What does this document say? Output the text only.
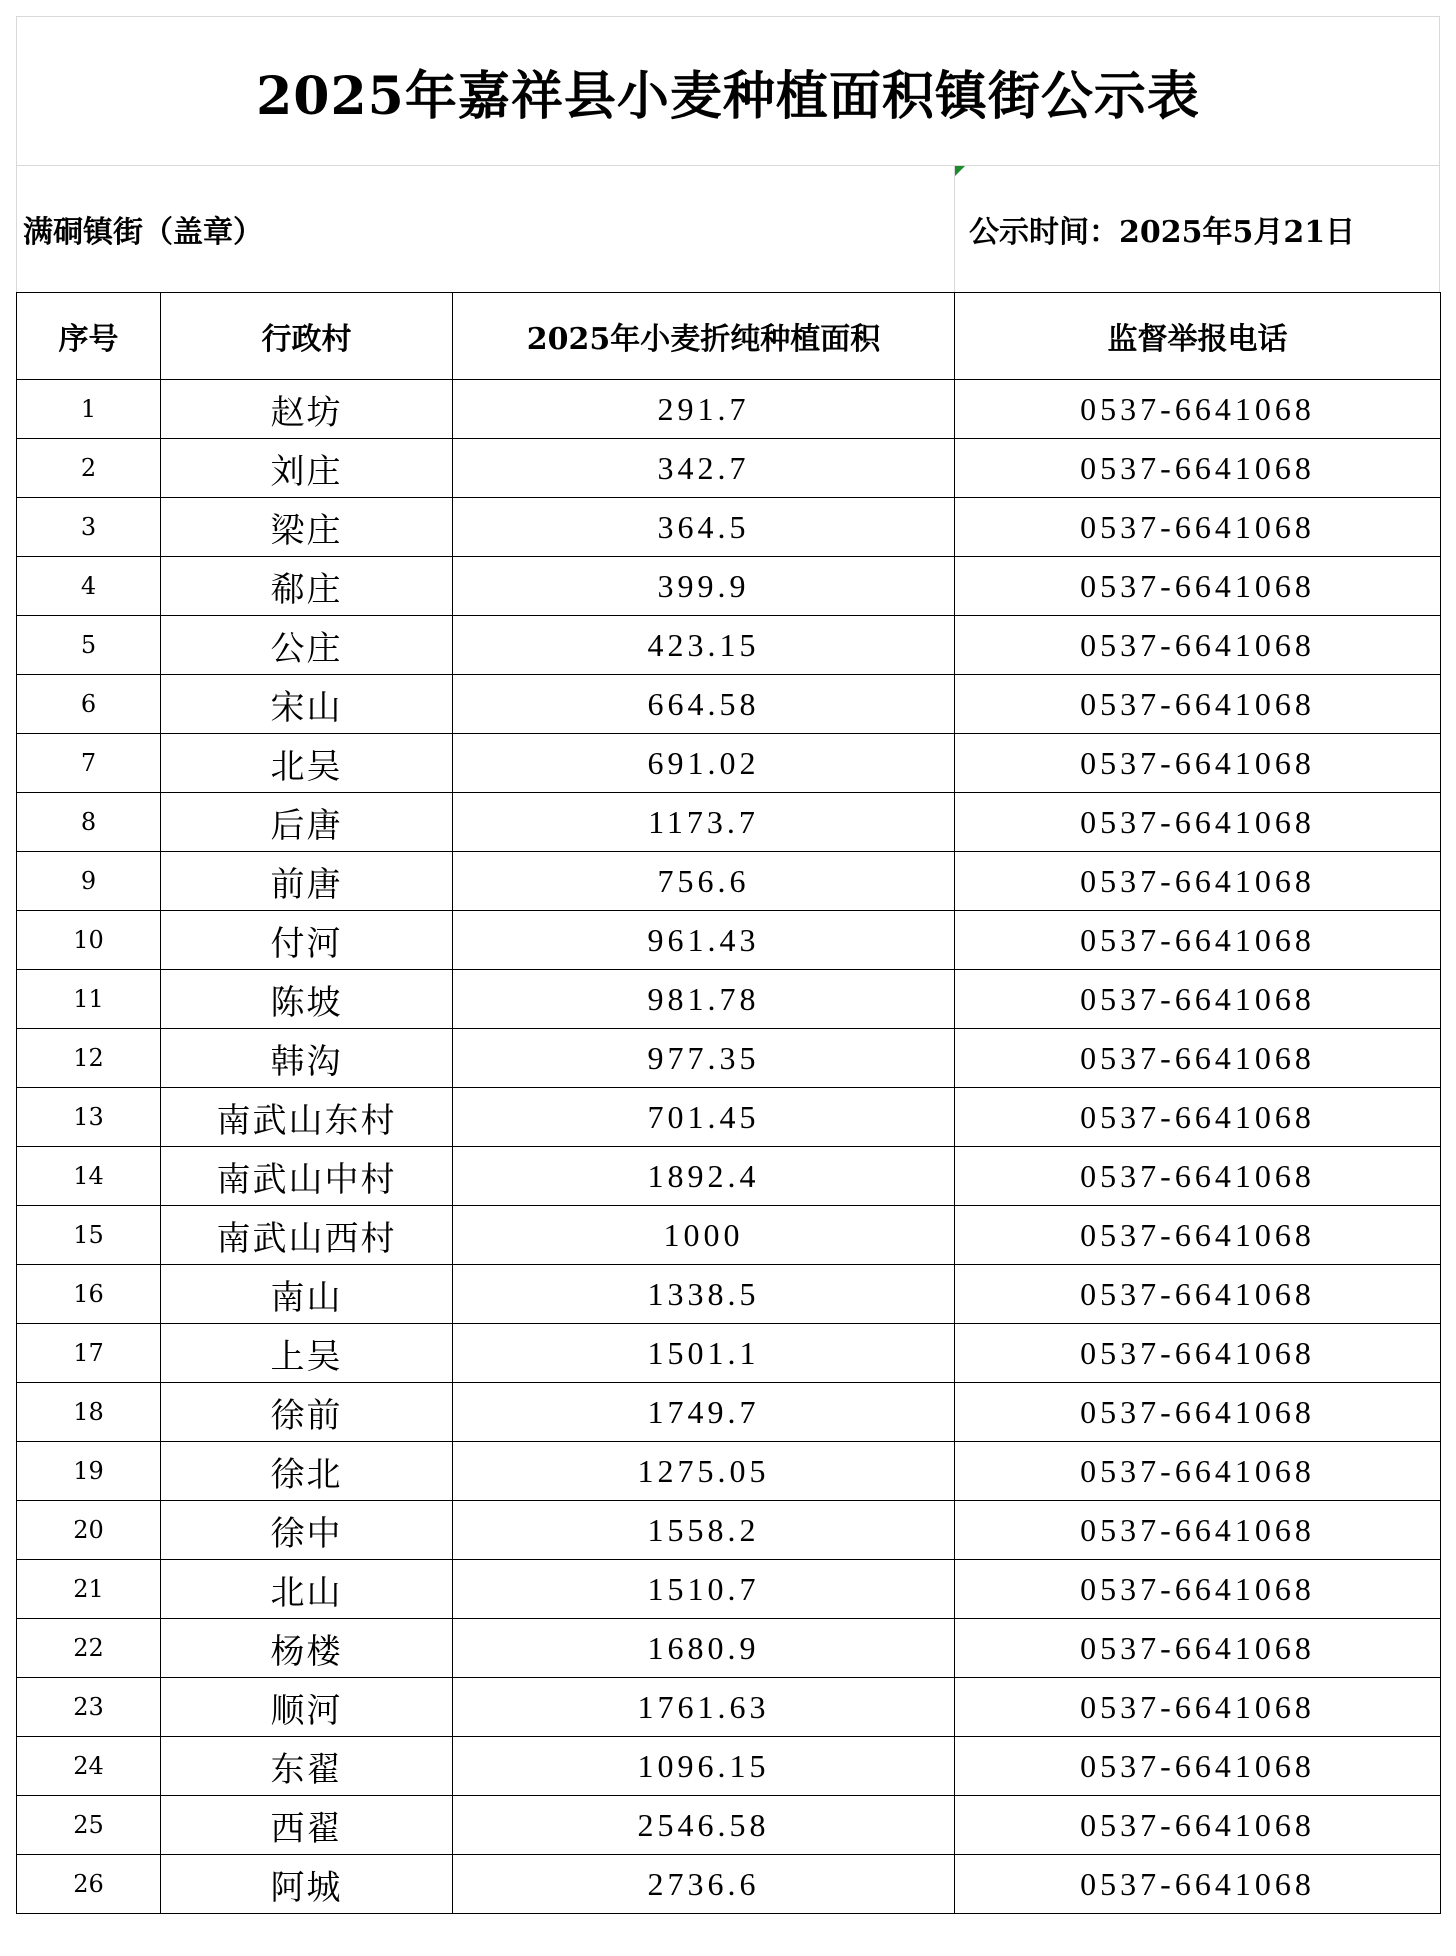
2025年嘉祥县小麦种植面积镇街公示表
满硐镇街（盖章）	公示时间：2025年5月21日
序号	行政村	2025年小麦折纯种植面积	监督举报电话
1	赵坊	291.7	0537-6641068
2	刘庄	342.7	0537-6641068
3	梁庄	364.5	0537-6641068
4	郗庄	399.9	0537-6641068
5	公庄	423.15	0537-6641068
6	宋山	664.58	0537-6641068
7	北吴	691.02	0537-6641068
8	后唐	1173.7	0537-6641068
9	前唐	756.6	0537-6641068
10	付河	961.43	0537-6641068
11	陈坡	981.78	0537-6641068
12	韩沟	977.35	0537-6641068
13	南武山东村	701.45	0537-6641068
14	南武山中村	1892.4	0537-6641068
15	南武山西村	1000	0537-6641068
16	南山	1338.5	0537-6641068
17	上吴	1501.1	0537-6641068
18	徐前	1749.7	0537-6641068
19	徐北	1275.05	0537-6641068
20	徐中	1558.2	0537-6641068
21	北山	1510.7	0537-6641068
22	杨楼	1680.9	0537-6641068
23	顺河	1761.63	0537-6641068
24	东翟	1096.15	0537-6641068
25	西翟	2546.58	0537-6641068
26	阿城	2736.6	0537-6641068
